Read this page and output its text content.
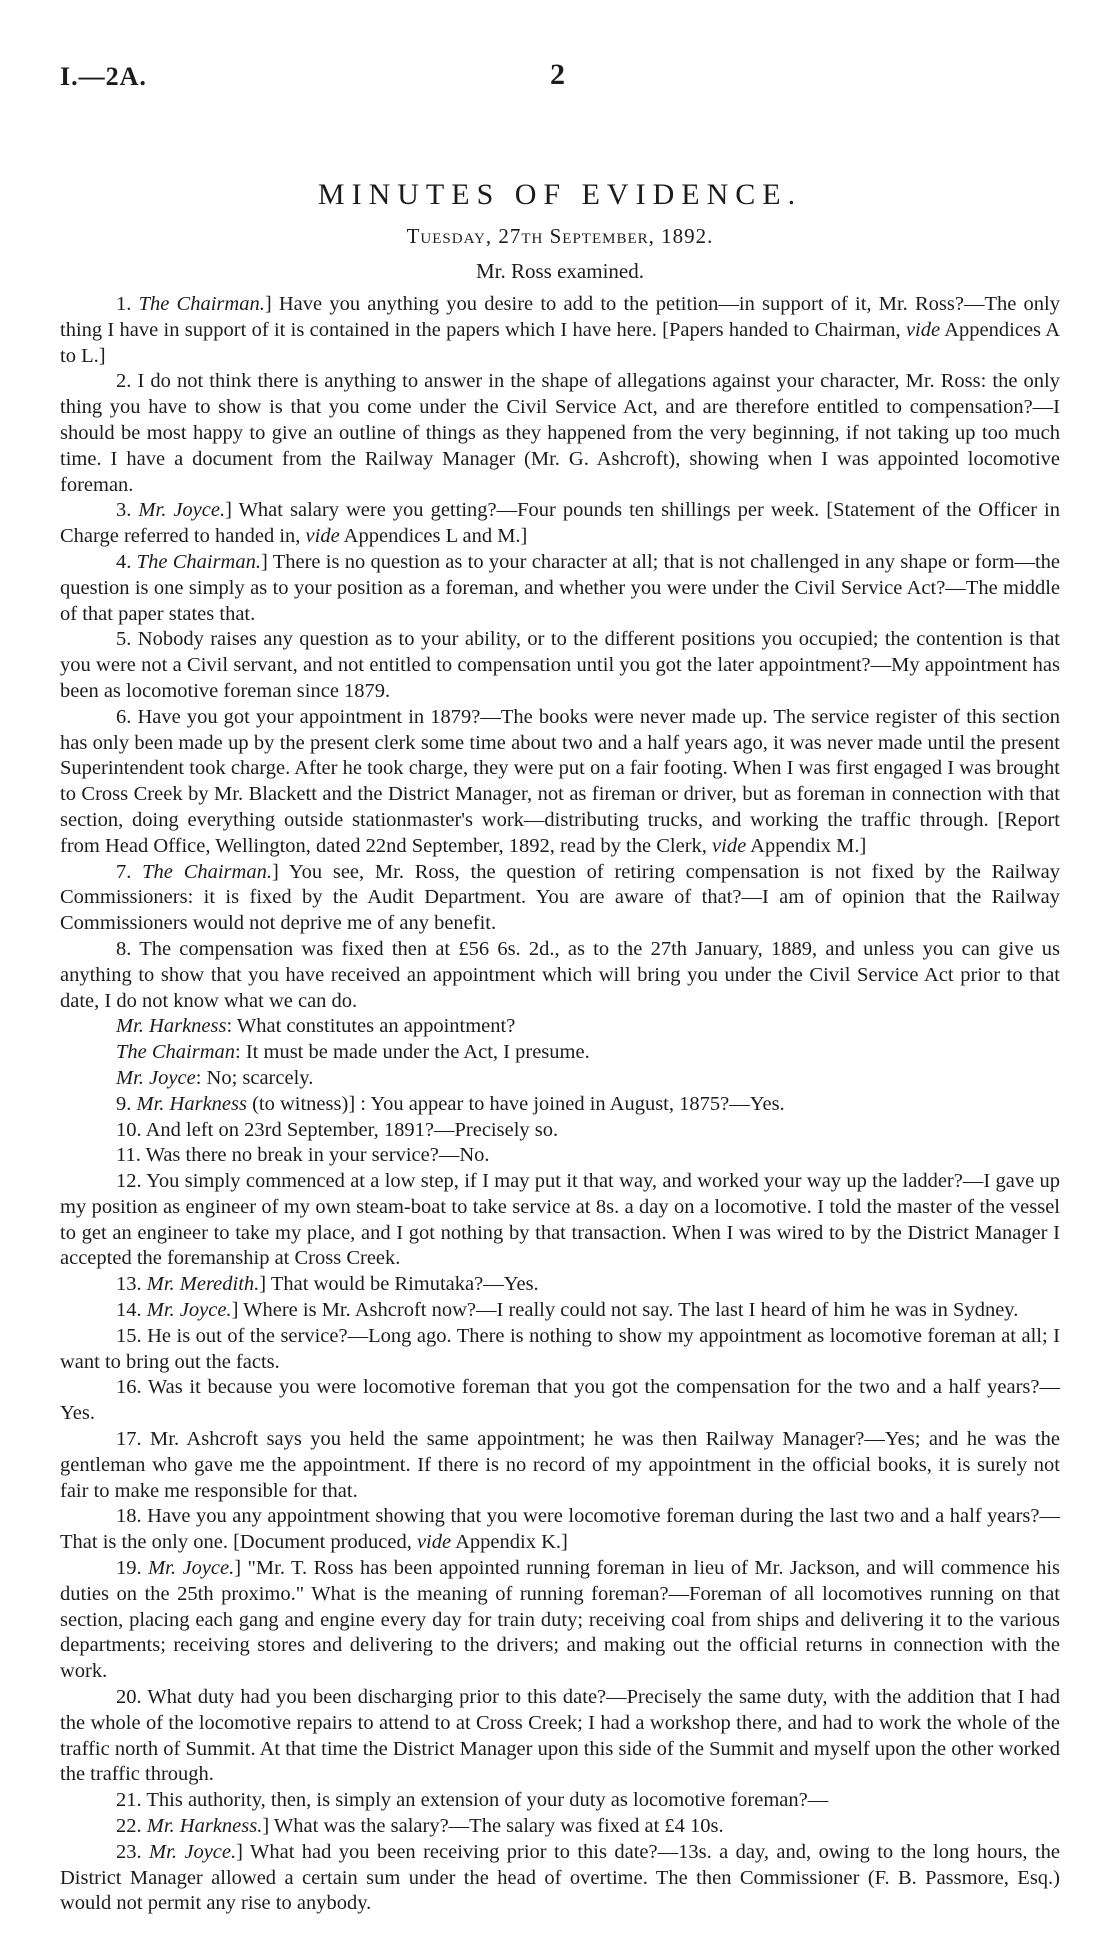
I.—2A.	2
MINUTES OF EVIDENCE.
Tuesday, 27th September, 1892.
Mr. Ross examined.

1. The Chairman.] Have you anything you desire to add to the petition—in support of it, Mr. Ross?—The only thing I have in support of it is contained in the papers which I have here. [Papers handed to Chairman, vide Appendices A to L.]

2. I do not think there is anything to answer in the shape of allegations against your character, Mr. Ross: the only thing you have to show is that you come under the Civil Service Act, and are therefore entitled to compensation?—I should be most happy to give an outline of things as they happened from the very beginning, if not taking up too much time. I have a document from the Railway Manager (Mr. G. Ashcroft), showing when I was appointed locomotive foreman.

3. Mr. Joyce.] What salary were you getting?—Four pounds ten shillings per week. [Statement of the Officer in Charge referred to handed in, vide Appendices L and M.]

4. The Chairman.] There is no question as to your character at all; that is not challenged in any shape or form—the question is one simply as to your position as a foreman, and whether you were under the Civil Service Act?—The middle of that paper states that.

5. Nobody raises any question as to your ability, or to the different positions you occupied; the contention is that you were not a Civil servant, and not entitled to compensation until you got the later appointment?—My appointment has been as locomotive foreman since 1879.

6. Have you got your appointment in 1879?—The books were never made up. The service register of this section has only been made up by the present clerk some time about two and a half years ago, it was never made until the present Superintendent took charge. After he took charge, they were put on a fair footing. When I was first engaged I was brought to Cross Creek by Mr. Blackett and the District Manager, not as fireman or driver, but as foreman in connection with that section, doing everything outside stationmaster's work—distributing trucks, and working the traffic through. [Report from Head Office, Wellington, dated 22nd September, 1892, read by the Clerk, vide Appendix M.]

7. The Chairman.] You see, Mr. Ross, the question of retiring compensation is not fixed by the Railway Commissioners: it is fixed by the Audit Department. You are aware of that?—I am of opinion that the Railway Commissioners would not deprive me of any benefit.

8. The compensation was fixed then at £56 6s. 2d., as to the 27th January, 1889, and unless you can give us anything to show that you have received an appointment which will bring you under the Civil Service Act prior to that date, I do not know what we can do.

Mr. Harkness: What constitutes an appointment?

The Chairman: It must be made under the Act, I presume.

Mr. Joyce: No; scarcely.

9. Mr. Harkness (to witness)] : You appear to have joined in August, 1875?—Yes.

10. And left on 23rd September, 1891?—Precisely so.

11. Was there no break in your service?—No.

12. You simply commenced at a low step, if I may put it that way, and worked your way up the ladder?—I gave up my position as engineer of my own steam-boat to take service at 8s. a day on a locomotive. I told the master of the vessel to get an engineer to take my place, and I got nothing by that transaction. When I was wired to by the District Manager I accepted the foremanship at Cross Creek.

13. Mr. Meredith.] That would be Rimutaka?—Yes.

14. Mr. Joyce.] Where is Mr. Ashcroft now?—I really could not say. The last I heard of him he was in Sydney.

15. He is out of the service?—Long ago. There is nothing to show my appointment as locomotive foreman at all; I want to bring out the facts.

16. Was it because you were locomotive foreman that you got the compensation for the two and a half years?—Yes.

17. Mr. Ashcroft says you held the same appointment; he was then Railway Manager?—Yes; and he was the gentleman who gave me the appointment. If there is no record of my appointment in the official books, it is surely not fair to make me responsible for that.

18. Have you any appointment showing that you were locomotive foreman during the last two and a half years?—That is the only one. [Document produced, vide Appendix K.]

19. Mr. Joyce.] "Mr. T. Ross has been appointed running foreman in lieu of Mr. Jackson, and will commence his duties on the 25th proximo." What is the meaning of running foreman?—Foreman of all locomotives running on that section, placing each gang and engine every day for train duty; receiving coal from ships and delivering it to the various departments; receiving stores and delivering to the drivers; and making out the official returns in connection with the work.

20. What duty had you been discharging prior to this date?—Precisely the same duty, with the addition that I had the whole of the locomotive repairs to attend to at Cross Creek; I had a workshop there, and had to work the whole of the traffic north of Summit. At that time the District Manager upon this side of the Summit and myself upon the other worked the traffic through.

21. This authority, then, is simply an extension of your duty as locomotive foreman?—

22. Mr. Harkness.] What was the salary?—The salary was fixed at £4 10s.

23. Mr. Joyce.] What had you been receiving prior to this date?—13s. a day, and, owing to the long hours, the District Manager allowed a certain sum under the head of overtime. The then Commissioner (F. B. Passmore, Esq.) would not permit any rise to anybody.
